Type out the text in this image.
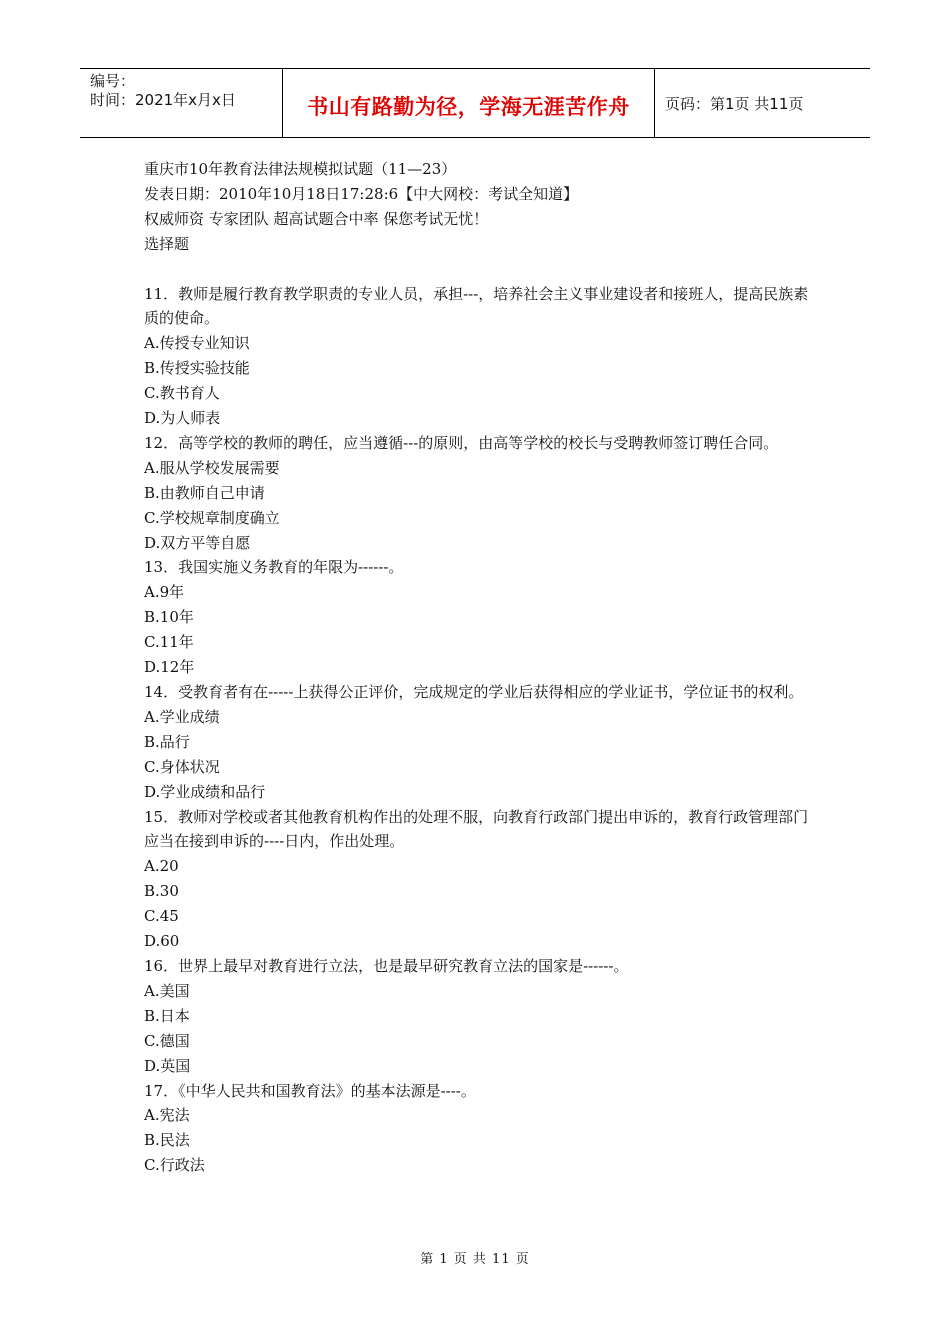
编号：
时间：2021年x月x日	书山有路勤为径，学海无涯苦作舟	页码：第1页 共11页
重庆市10年教育法律法规模拟试题（11—23）
发表日期：2010年10月18日17:28:6【中大网校：考试全知道】
权威师资 专家团队 超高试题合中率 保您考试无忧！
选择题
11．教师是履行教育教学职责的专业人员，承担---，培养社会主义事业建设者和接班人，提高民族素质的使命。
A.传授专业知识
B.传授实验技能
C.教书育人
D.为人师表
12．高等学校的教师的聘任，应当遵循---的原则，由高等学校的校长与受聘教师签订聘任合同。
A.服从学校发展需要
B.由教师自己申请
C.学校规章制度确立
D.双方平等自愿
13．我国实施义务教育的年限为------。
A.9年
B.10年
C.11年
D.12年
14．受教育者有在-----上获得公正评价，完成规定的学业后获得相应的学业证书，学位证书的权利。
A.学业成绩
B.品行
C.身体状况
D.学业成绩和品行
15．教师对学校或者其他教育机构作出的处理不服，向教育行政部门提出申诉的，教育行政管理部门应当在接到申诉的----日内，作出处理。
A.20
B.30
C.45
D.60
16．世界上最早对教育进行立法，也是最早研究教育立法的国家是------。
A.美国
B.日本
C.德国
D.英国
17．《中华人民共和国教育法》的基本法源是----。
A.宪法
B.民法
C.行政法
第 1 页 共 11 页
